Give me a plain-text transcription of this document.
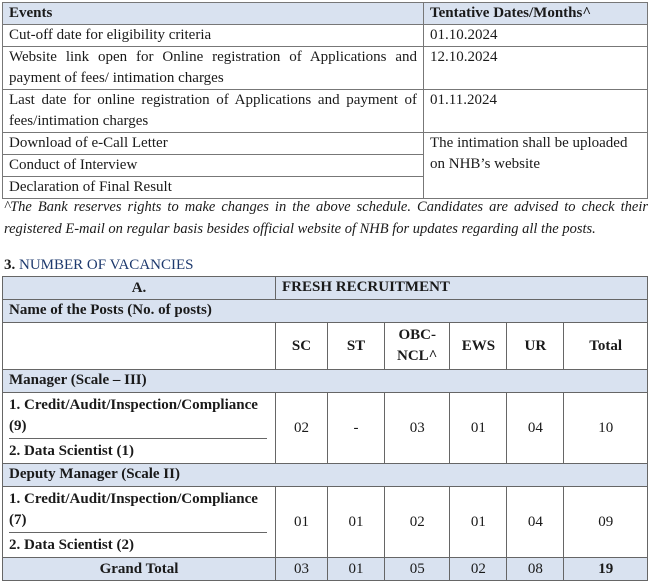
Events	Tentative Dates/Months^
Cut-off date for eligibility criteria	01.10.2024
Website link open for Online registration of Applications and payment of fees/ intimation charges	12.10.2024
Last date for online registration of Applications and payment of fees/intimation charges	01.11.2024
Download of e-Call Letter	The intimation shall be uploaded on NHB’s website
Conduct of Interview	
Declaration of Final Result	
^The Bank reserves rights to make changes in the above schedule. Candidates are advised to check their registered E-mail on regular basis besides official website of NHB for updates regarding all the posts.
3. NUMBER OF VACANCIES
A.	FRESH RECRUITMENT					
Name of the Posts (No. of posts)						
	SC	ST	OBC-NCL^	EWS	UR	Total
Manager (Scale – III)						

1. Credit/Audit/Inspection/Compliance (9)
2. Data Scientist (1)	02	-	03	01	04	10
Deputy Manager (Scale II)						

1. Credit/Audit/Inspection/Compliance (7)
2. Data Scientist (2)	01	01	02	01	04	09
Grand Total	03	01	05	02	08	19
